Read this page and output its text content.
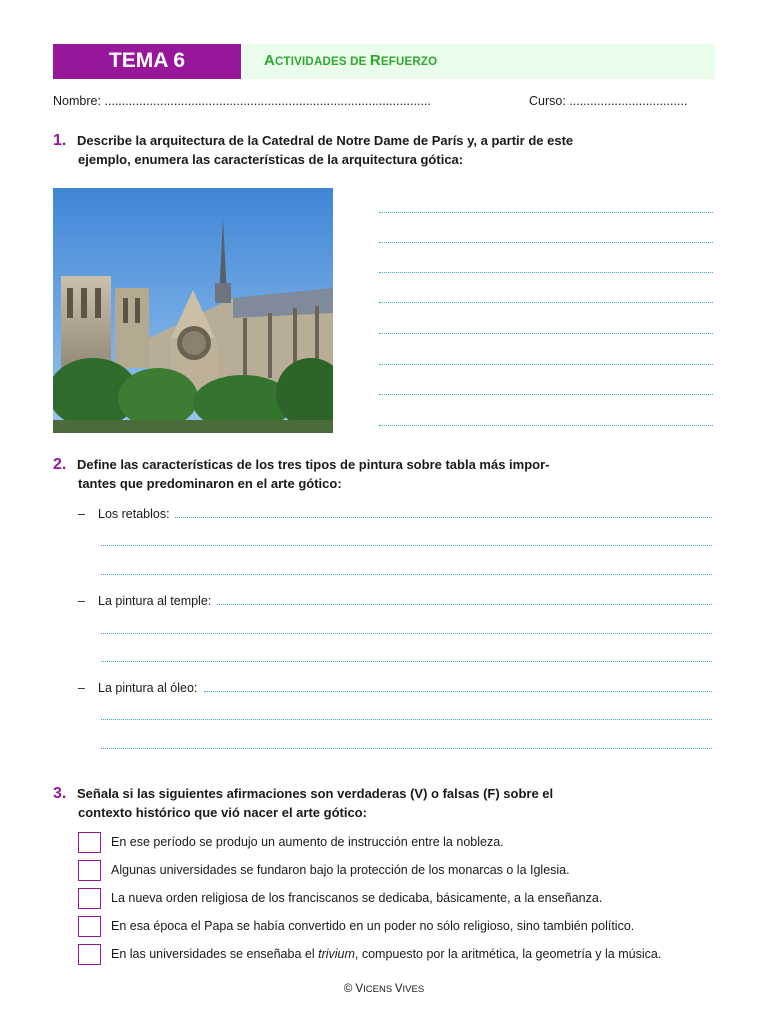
TEMA 6	ACTIVIDADES DE REFUERZO
Nombre: ..............................................................................................	Curso: ..................................
1. Describe la arquitectura de la Catedral de Notre Dame de París y, a partir de este
ejemplo, enumera las características de la arquitectura gótica:
2. Define las características de los tres tipos de pintura sobre tabla más impor-
tantes que predominaron en el arte gótico:
– Los retablos:
– La pintura al temple:
– La pintura al óleo:
3. Señala si las siguientes afirmaciones son verdaderas (V) o falsas (F) sobre el
contexto histórico que vió nacer el arte gótico:
En ese período se produjo un aumento de instrucción entre la nobleza.
Algunas universidades se fundaron bajo la protección de los monarcas o la Iglesia.
La nueva orden religiosa de los franciscanos se dedicaba, básicamente, a la enseñanza.
En esa época el Papa se había convertido en un poder no sólo religioso, sino también político.
En las universidades se enseñaba el trivium, compuesto por la aritmética, la geometría y la música.
© VICENS VIVES
